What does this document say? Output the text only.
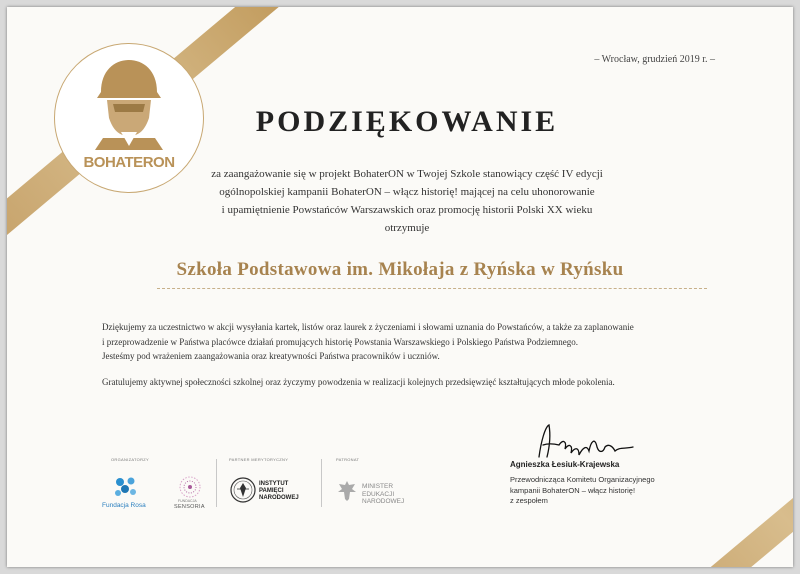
BOHATERON
– Wrocław, grudzień 2019 r. –
PODZIĘKOWANIE
za zaangażowanie się w projekt BohaterON w Twojej Szkole stanowiący część IV edycji
ogólnopolskiej kampanii BohaterON – włącz historię! mającej na celu uhonorowanie
i upamiętnienie Powstańców Warszawskich oraz promocję historii Polski XX wieku
otrzymuje
Szkoła Podstawowa im. Mikołaja z Ryńska w Ryńsku
Dziękujemy za uczestnictwo w akcji wysyłania kartek, listów oraz laurek z życzeniami i słowami uznania do Powstańców, a także za zaplanowanie
i przeprowadzenie w Państwa placówce działań promujących historię Powstania Warszawskiego i Polskiego Państwa Podziemnego.
Jesteśmy pod wrażeniem zaangażowania oraz kreatywności Państwa pracowników i uczniów.
Gratulujemy aktywnej społeczności szkolnej oraz życzymy powodzenia w realizacji kolejnych przedsięwzięć kształtujących młode pokolenia.
ORGANIZATORZY
Fundacja Rosa
FUNDACJA
SENSORIA
PARTNER MERYTORYCZNY
INSTYTUT
PAMIĘCI
NARODOWEJ
PATRONAT
MINISTER
EDUKACJI
NARODOWEJ
Agnieszka Łesiuk-Krajewska
Przewodnicząca Komitetu Organizacyjnego
kampanii BohaterON – włącz historię!
z zespołem
